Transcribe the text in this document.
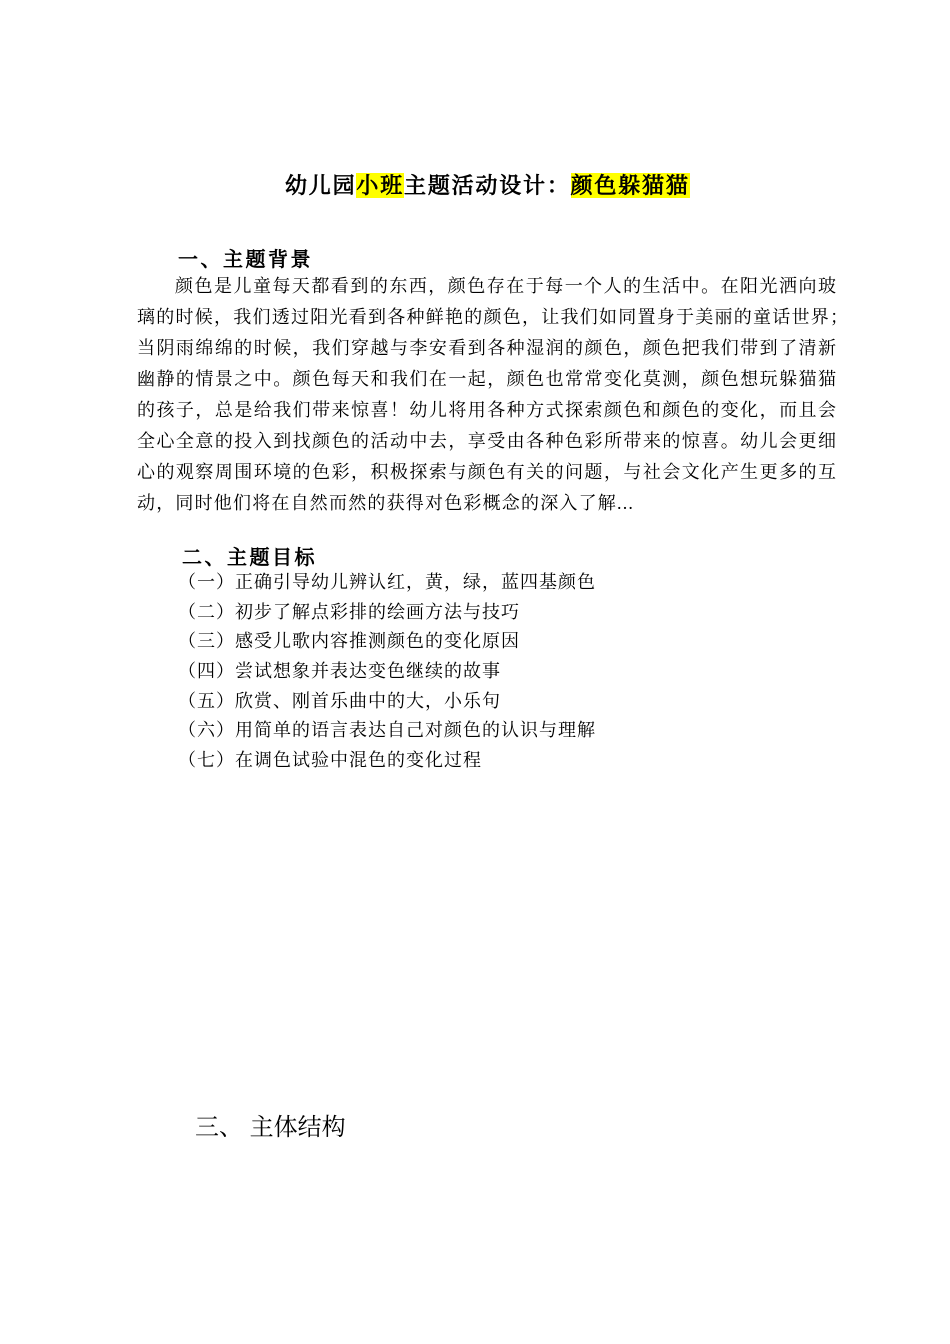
幼儿园小班主题活动设计：颜色躲猫猫
一、主题背景
颜色是儿童每天都看到的东西，颜色存在于每一个人的生活中。在阳光洒向玻
璃的时候，我们透过阳光看到各种鲜艳的颜色，让我们如同置身于美丽的童话世界；
当阴雨绵绵的时候，我们穿越与李安看到各种湿润的颜色，颜色把我们带到了清新
幽静的情景之中。颜色每天和我们在一起，颜色也常常变化莫测，颜色想玩躲猫猫
的孩子，总是给我们带来惊喜！幼儿将用各种方式探索颜色和颜色的变化，而且会
全心全意的投入到找颜色的活动中去，享受由各种色彩所带来的惊喜。幼儿会更细
心的观察周围环境的色彩，积极探索与颜色有关的问题，与社会文化产生更多的互
动，同时他们将在自然而然的获得对色彩概念的深入了解...
二、主题目标
（一）正确引导幼儿辨认红，黄，绿，蓝四基颜色
（二）初步了解点彩排的绘画方法与技巧
（三）感受儿歌内容推测颜色的变化原因
（四）尝试想象并表达变色继续的故事
（五）欣赏、刚首乐曲中的大，小乐句
（六）用简单的语言表达自己对颜色的认识与理解
（七）在调色试验中混色的变化过程
三、 主体结构
